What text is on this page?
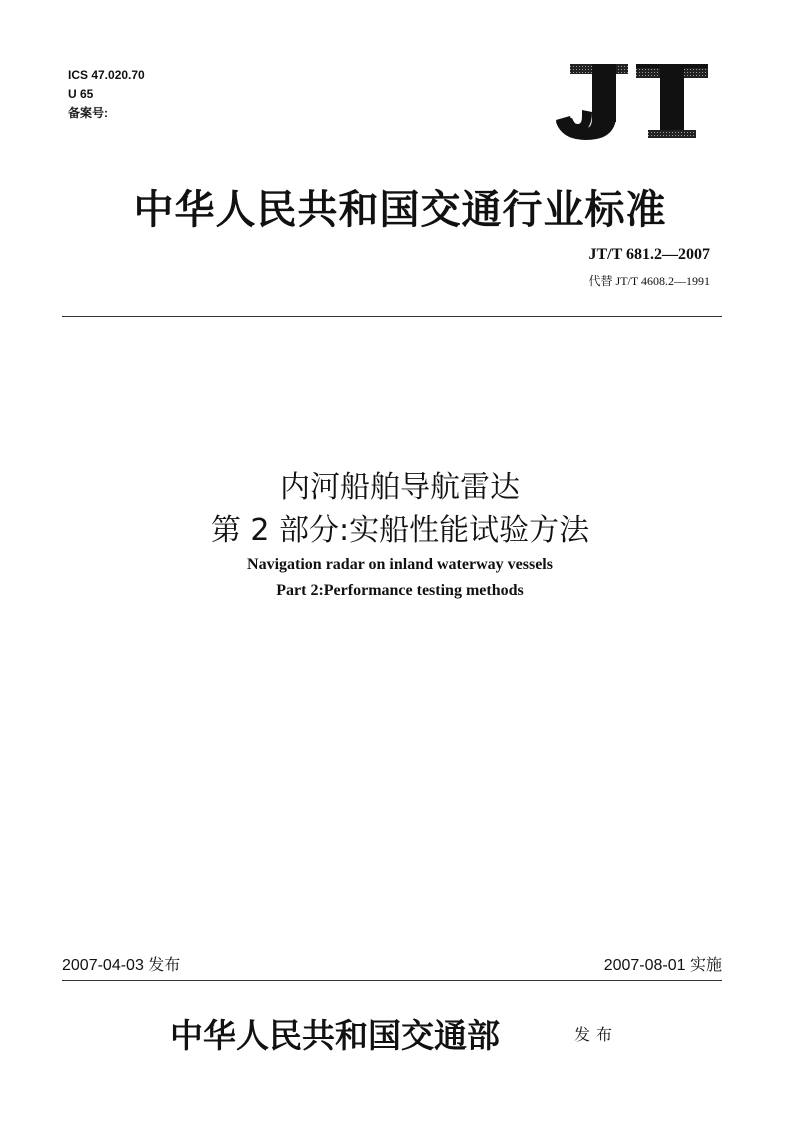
ICS 47.020.70
U 65
备案号:
中华人民共和国交通行业标准
JT/T 681.2—2007
代替 JT/T 4608.2—1991
内河船舶导航雷达
第 2 部分:实船性能试验方法
Navigation radar on inland waterway vessels
Part 2:Performance testing methods
2007-04-03 发布	2007-08-01 实施
中华人民共和国交通部	发布
